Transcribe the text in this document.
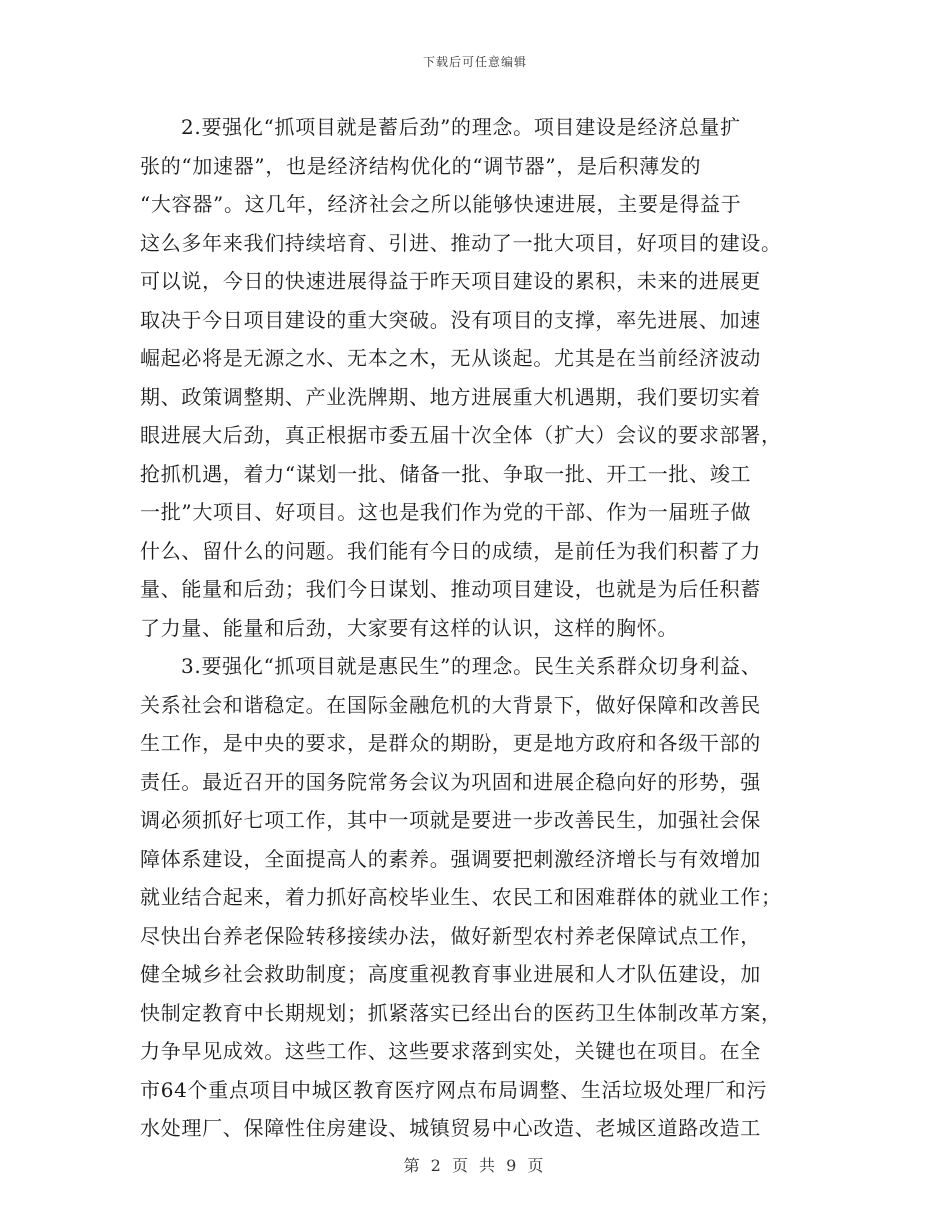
下载后可任意编辑
2.要强化“抓项目就是蓄后劲”的理念。项目建设是经济总量扩
张的“加速器”，也是经济结构优化的“调节器”，是后积薄发的
“大容器”。这几年，经济社会之所以能够快速进展，主要是得益于
这么多年来我们持续培育、引进、推动了一批大项目，好项目的建设。
可以说，今日的快速进展得益于昨天项目建设的累积，未来的进展更
取决于今日项目建设的重大突破。没有项目的支撑，率先进展、加速
崛起必将是无源之水、无本之木，无从谈起。尤其是在当前经济波动
期、政策调整期、产业洗牌期、地方进展重大机遇期，我们要切实着
眼进展大后劲，真正根据市委五届十次全体（扩大）会议的要求部署，
抢抓机遇，着力“谋划一批、储备一批、争取一批、开工一批、竣工
一批”大项目、好项目。这也是我们作为党的干部、作为一届班子做
什么、留什么的问题。我们能有今日的成绩，是前任为我们积蓄了力
量、能量和后劲；我们今日谋划、推动项目建设，也就是为后任积蓄
了力量、能量和后劲，大家要有这样的认识，这样的胸怀。
3.要强化“抓项目就是惠民生”的理念。民生关系群众切身利益、
关系社会和谐稳定。在国际金融危机的大背景下，做好保障和改善民
生工作，是中央的要求，是群众的期盼，更是地方政府和各级干部的
责任。最近召开的国务院常务会议为巩固和进展企稳向好的形势，强
调必须抓好七项工作，其中一项就是要进一步改善民生，加强社会保
障体系建设，全面提高人的素养。强调要把刺激经济增长与有效增加
就业结合起来，着力抓好高校毕业生、农民工和困难群体的就业工作；
尽快出台养老保险转移接续办法，做好新型农村养老保障试点工作，
健全城乡社会救助制度；高度重视教育事业进展和人才队伍建设，加
快制定教育中长期规划；抓紧落实已经出台的医药卫生体制改革方案，
力争早见成效。这些工作、这些要求落到实处，关键也在项目。在全
市64个重点项目中城区教育医疗网点布局调整、生活垃圾处理厂和污
水处理厂、保障性住房建设、城镇贸易中心改造、老城区道路改造工
第 2 页 共 9 页
